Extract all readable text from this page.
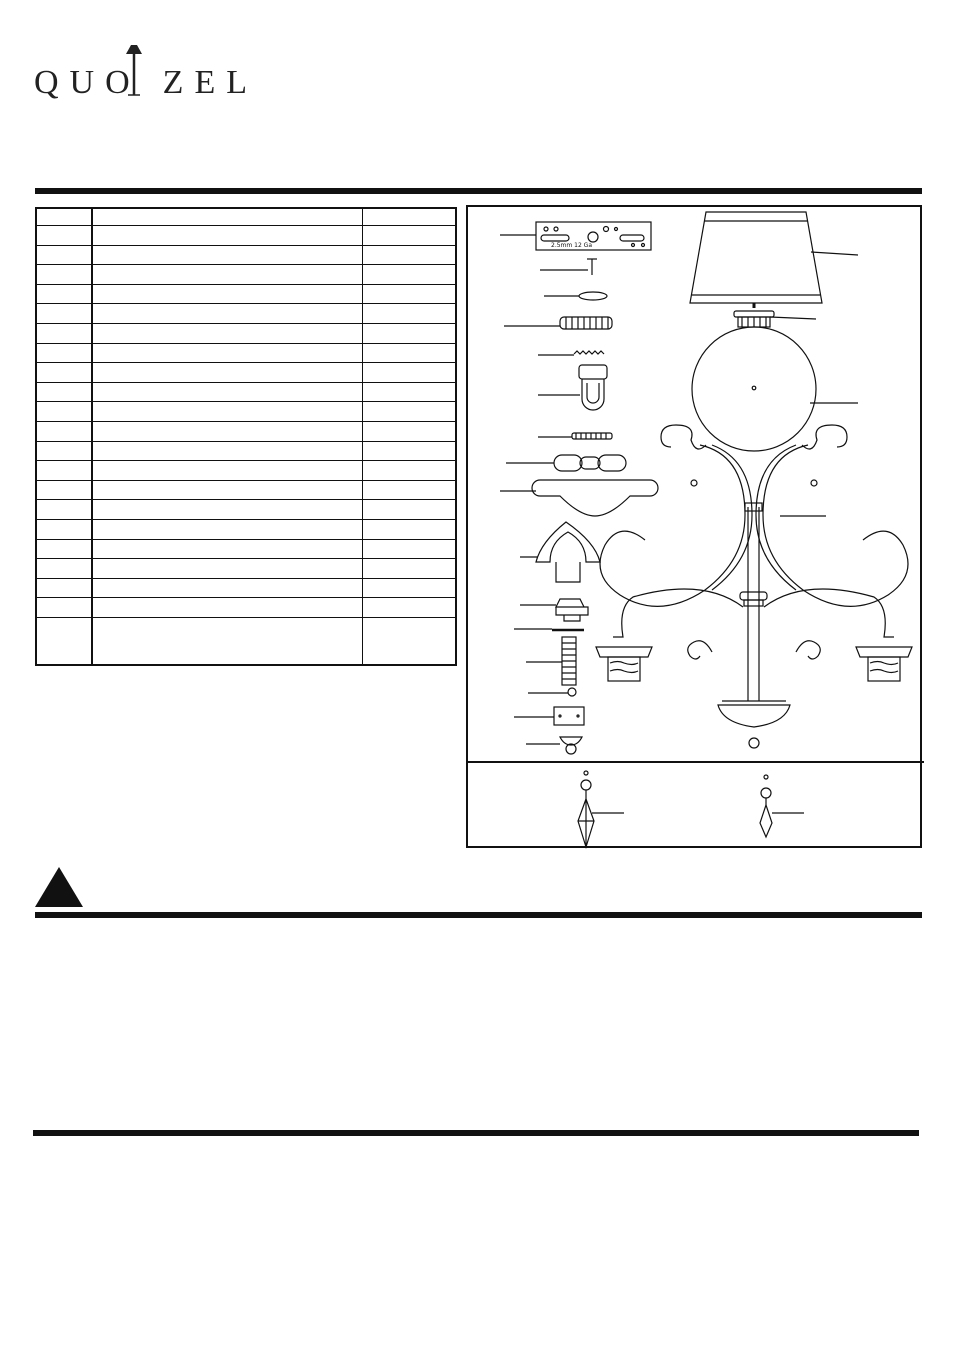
QUO ZEL

2.5mm 12 Ga
